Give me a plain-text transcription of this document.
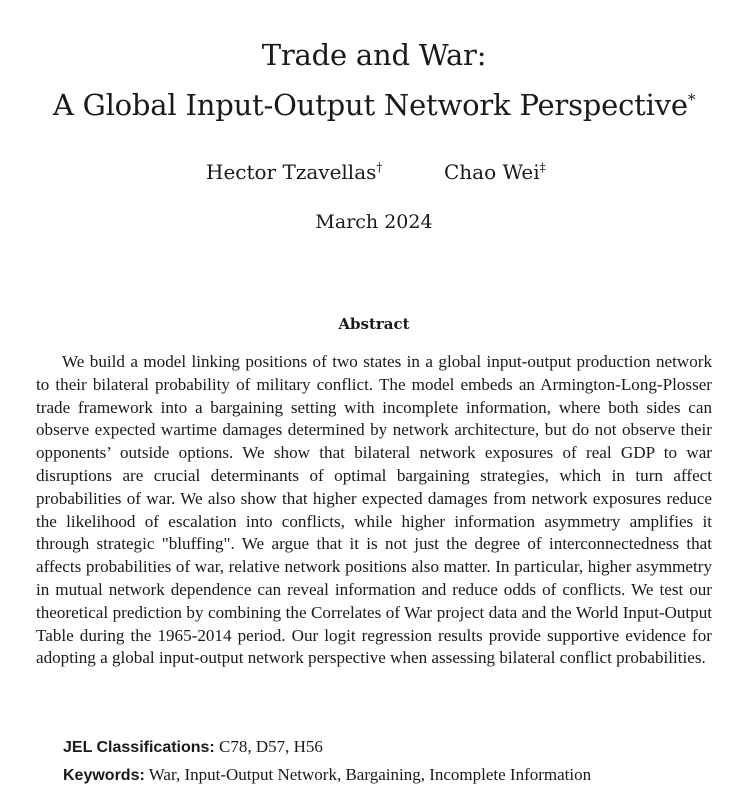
Trade and War:
A Global Input-Output Network Perspective*
Hector Tzavellas†	Chao Wei‡
March 2024
Abstract

We build a model linking positions of two states in a global input-output production network to their bilateral probability of military conflict. The model embeds an Armington-Long-Plosser trade framework into a bargaining setting with incomplete information, where both sides can observe expected wartime damages determined by network architecture, but do not observe their opponents’ outside options. We show that bilateral network exposures of real GDP to war disruptions are crucial determinants of optimal bargaining strategies, which in turn affect probabilities of war. We also show that higher expected damages from network exposures reduce the likelihood of escalation into conflicts, while higher information asymmetry amplifies it through strategic "bluffing". We argue that it is not just the degree of interconnectedness that affects probabilities of war, relative network positions also matter. In particular, higher asymmetry in mutual network dependence can reveal information and reduce odds of conflicts. We test our theoretical prediction by combining the Correlates of War project data and the World Input-Output Table during the 1965-2014 period. Our logit regression results provide supportive evidence for adopting a global input-output network perspective when assessing bilateral conflict probabilities.

JEL Classifications: C78, D57, H56
Keywords: War, Input-Output Network, Bargaining, Incomplete Information
